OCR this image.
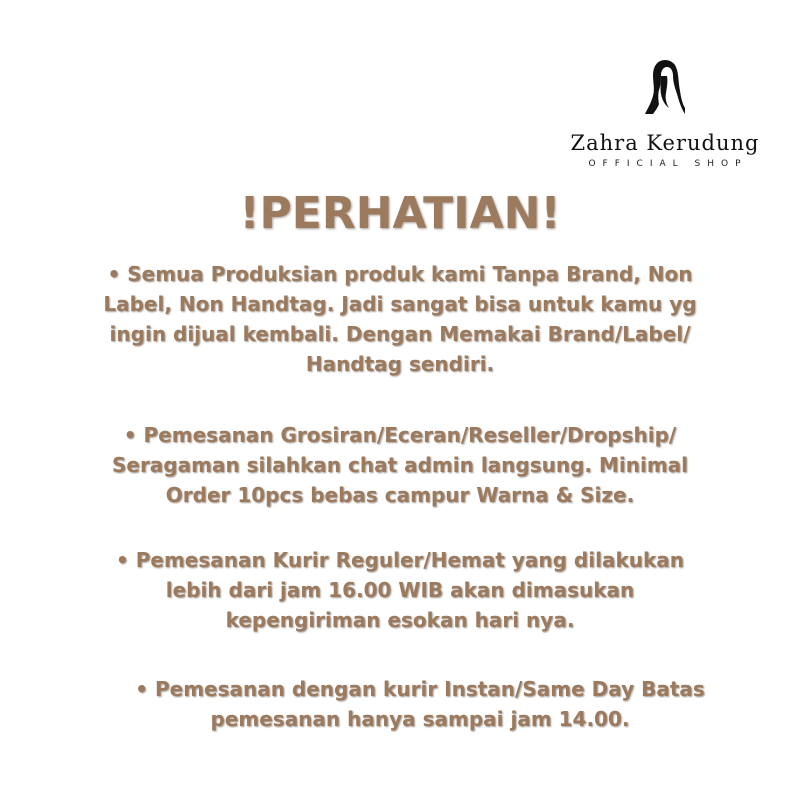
Zahra Kerudung
OFFICIAL SHOP
!PERHATIAN!
• Semua Produksian produk kami Tanpa Brand, Non
Label, Non Handtag. Jadi sangat bisa untuk kamu yg
ingin dijual kembali. Dengan Memakai Brand/Label/
Handtag sendiri.
• Pemesanan Grosiran/Eceran/Reseller/Dropship/
Seragaman silahkan chat admin langsung. Minimal
Order 10pcs bebas campur Warna & Size.
• Pemesanan Kurir Reguler/Hemat yang dilakukan
lebih dari jam 16.00 WIB akan dimasukan
kepengiriman esokan hari nya.
• Pemesanan dengan kurir Instan/Same Day Batas
pemesanan hanya sampai jam 14.00.
